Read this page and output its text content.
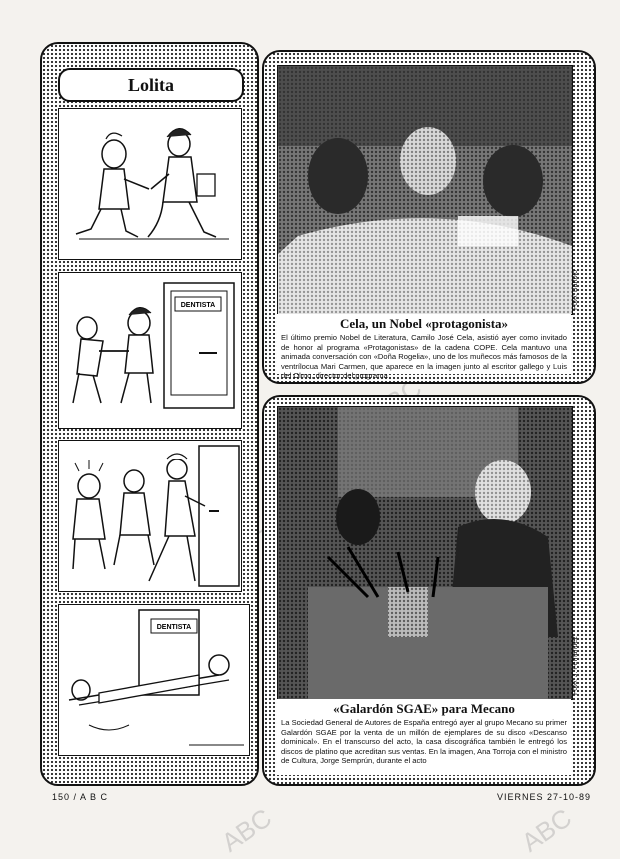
ABC	ABC
Lolita
DENTISTA
DENTISTA
Foto: Bartolo
Cela, un Nobel «protagonista»
El último premio Nobel de Literatura, Camilo José Cela, asistió ayer como invitado de honor al programa «Protagonistas» de la cadena COPE. Cela mantuvo una animada conversación con «Doña Rogelia», uno de los muñecos más famosos de la ventrílocua Mari Carmen, que aparece en la imagen junto al escritor gallego y Luis del Olmo, director del programa
Foto: J. Fernández
«Galardón SGAE» para Mecano
La Sociedad General de Autores de España entregó ayer al grupo Mecano su primer Galardón SGAE por la venta de un millón de ejemplares de su disco «Descanso dominical». En el transcurso del acto, la casa discográfica también le entregó los discos de platino que acreditan sus ventas. En la imagen, Ana Torroja con el ministro de Cultura, Jorge Semprún, durante el acto
150 / A B C	VIERNES 27-10-89
